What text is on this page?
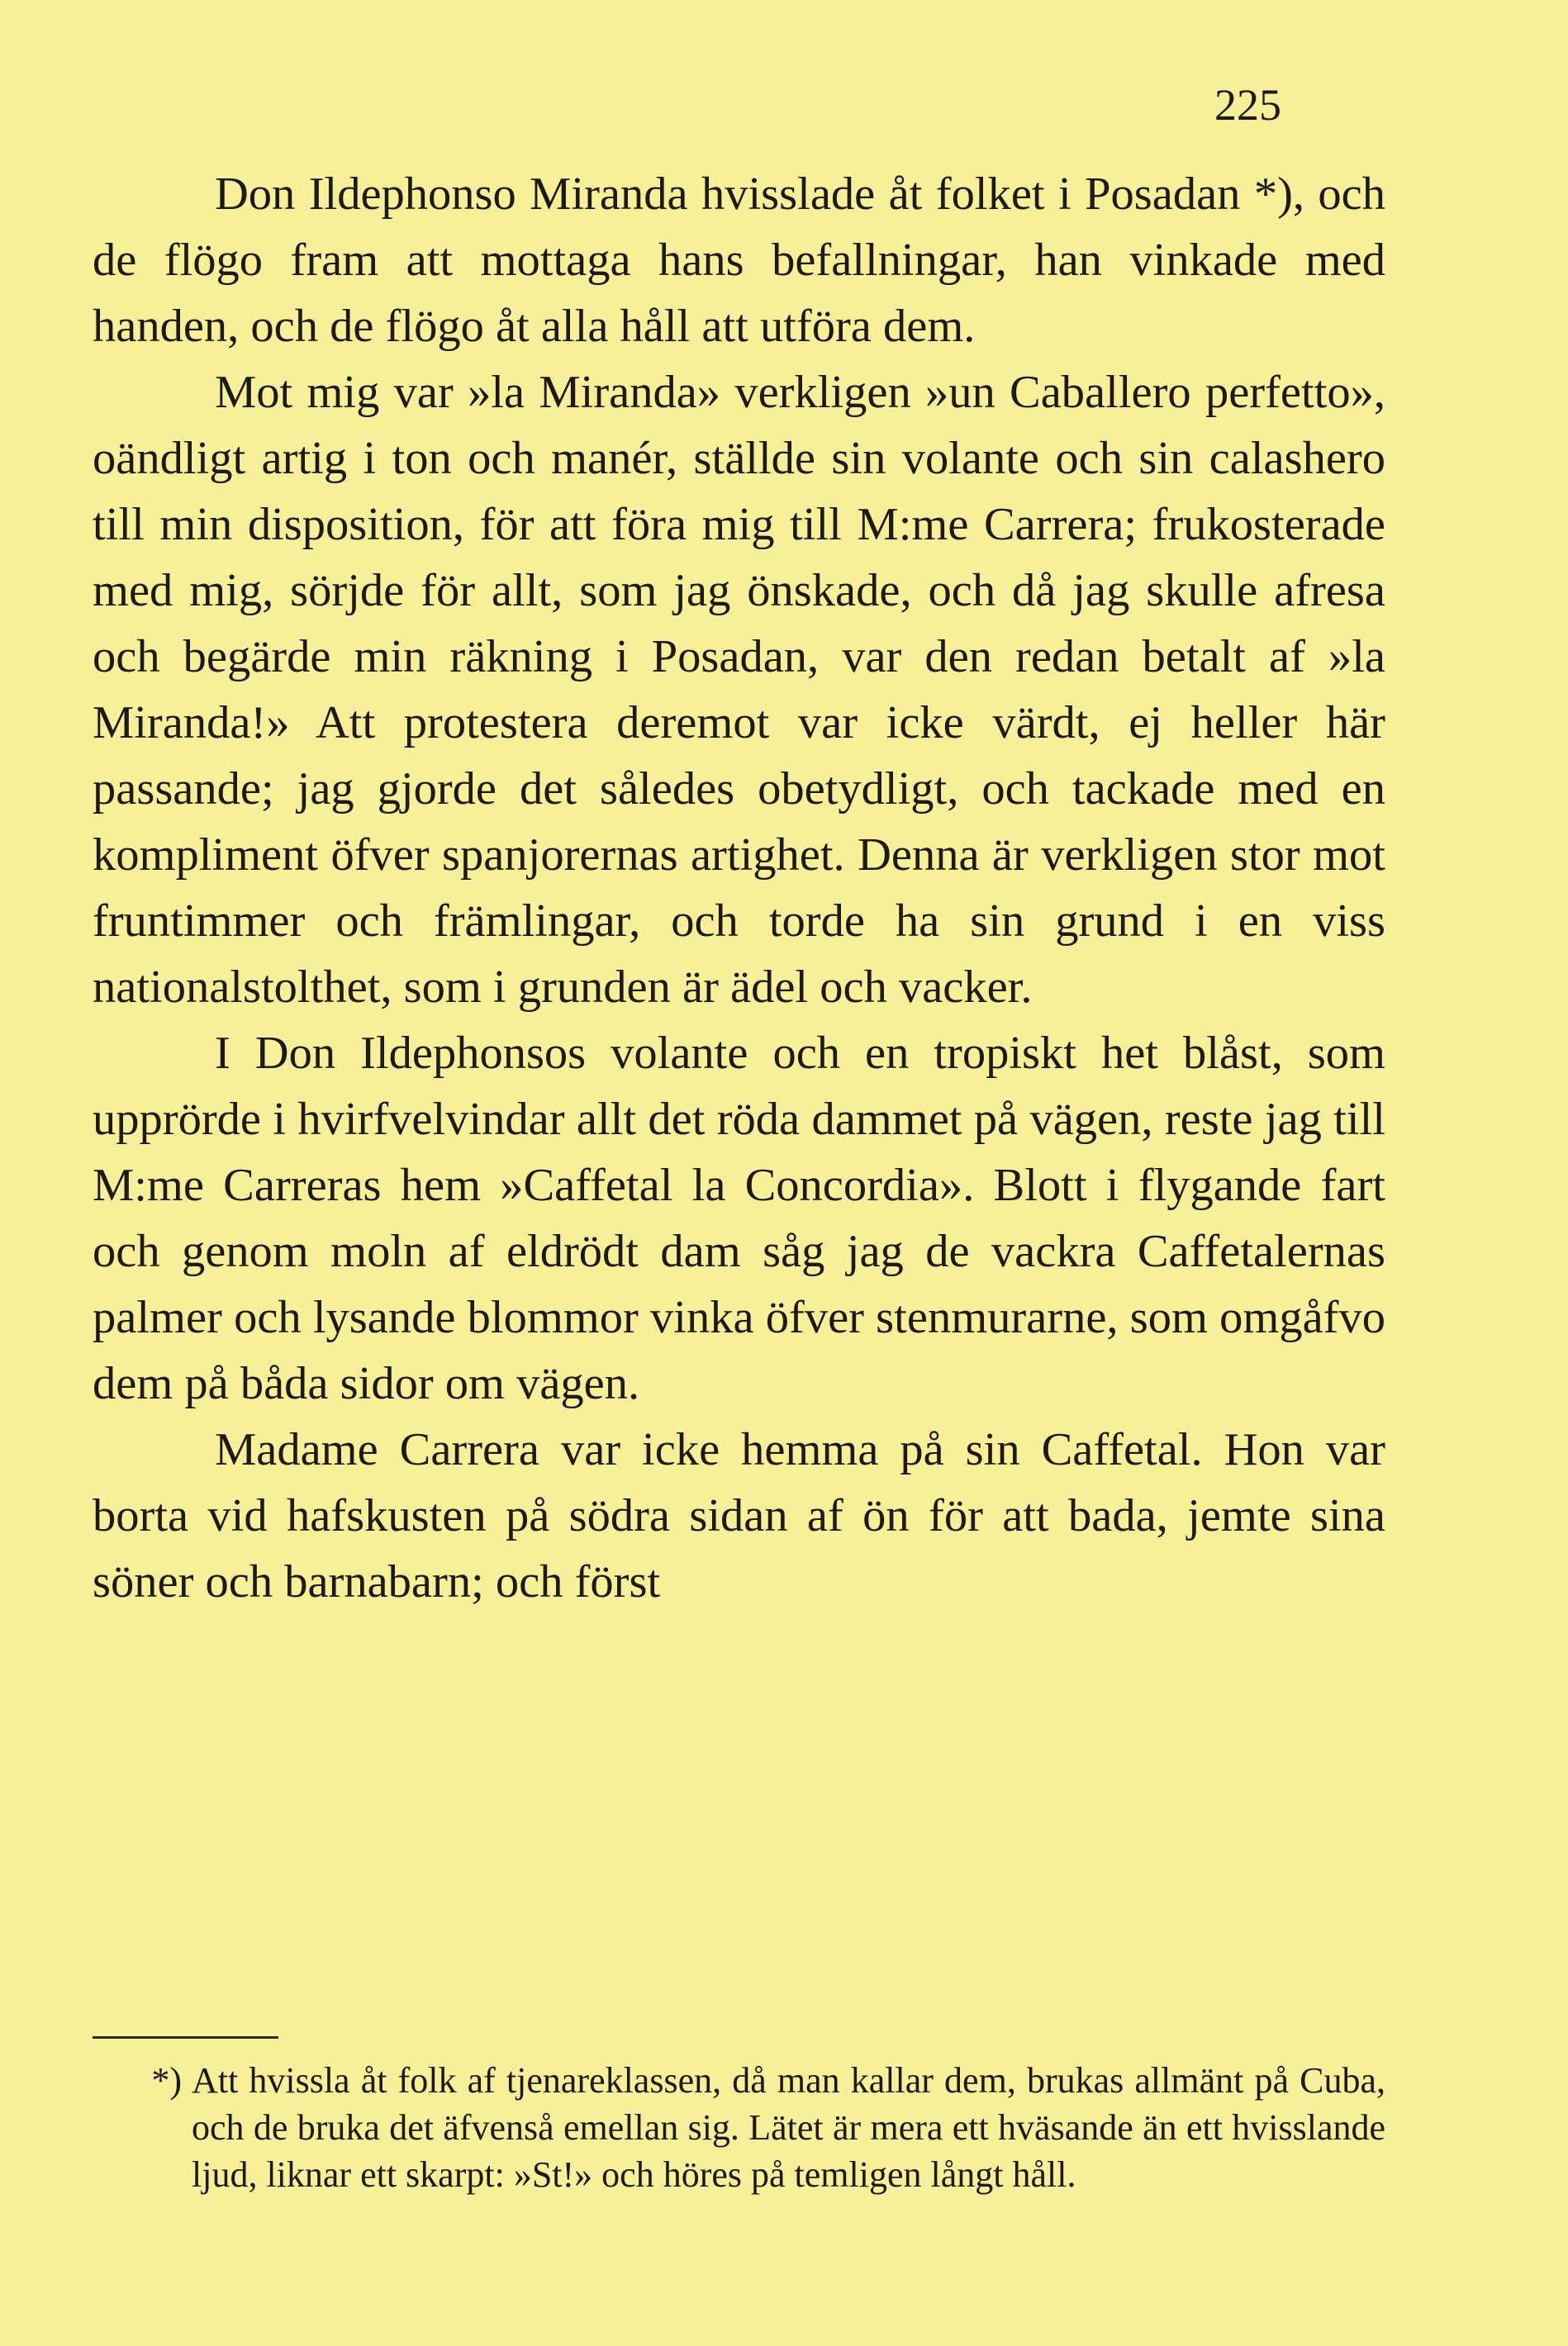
225

Don Ildephonso Miranda hvisslade åt folket i Posadan *), och de flögo fram att mottaga hans befallningar, han vinkade med handen, och de flögo åt alla håll att utföra dem.

Mot mig var »la Miranda» verkligen »un Caballero perfetto», oändligt artig i ton och manér, ställde sin volante och sin calashero till min disposition, för att föra mig till M:me Carrera; frukosterade med mig, sörjde för allt, som jag önskade, och då jag skulle afresa och begärde min räkning i Posadan, var den redan betalt af »la Miranda!» Att protestera deremot var icke värdt, ej heller här passande; jag gjorde det således obetydligt, och tackade med en kompliment öfver spanjorernas artighet. Denna är verkligen stor mot fruntimmer och främlingar, och torde ha sin grund i en viss nationalstolthet, som i grunden är ädel och vacker.

I Don Ildephonsos volante och en tropiskt het blåst, som upprörde i hvirfvelvindar allt det röda dammet på vägen, reste jag till M:me Carreras hem »Caffetal la Concordia». Blott i flygande fart och genom moln af eldrödt dam såg jag de vackra Caffetalernas palmer och lysande blommor vinka öfver stenmurarne, som omgåfvo dem på båda sidor om vägen.

Madame Carrera var icke hemma på sin Caffetal. Hon var borta vid hafskusten på södra sidan af ön för att bada, jemte sina söner och barnabarn; och först

*) Att hvissla åt folk af tjenareklassen, då man kallar dem, brukas allmänt på Cuba, och de bruka det äfvenså emellan sig. Lätet är mera ett hväsande än ett hvisslande ljud, liknar ett skarpt: »St!» och höres på temligen långt håll.
